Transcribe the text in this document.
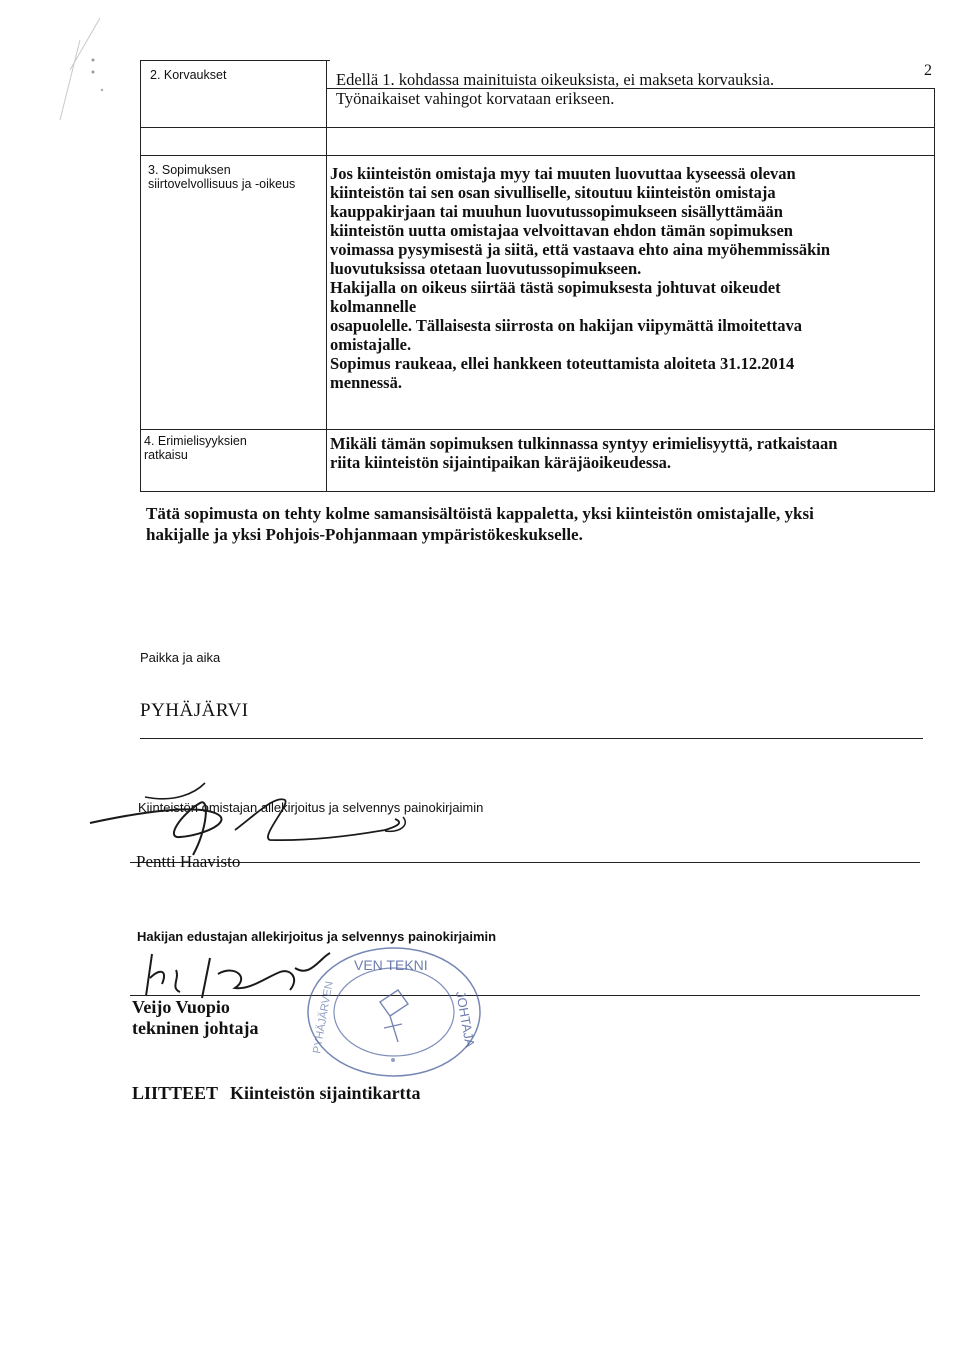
2
2. Korvaukset	Edellä 1. kohdassa mainituista oikeuksista, ei makseta korvauksia.

Työnaikaiset vahingot korvataan erikseen.

3. Sopimuksen
siirtovelvollisuus ja -oikeus

Jos kiinteistön omistaja myy tai muuten luovuttaa kyseessä olevan

kiinteistön tai sen osan sivulliselle, sitoutuu kiinteistön omistaja

kauppakirjaan tai muuhun luovutussopimukseen sisällyttämään

kiinteistön uutta omistajaa velvoittavan ehdon tämän sopimuksen

voimassa pysymisestä ja siitä, että vastaava ehto aina myöhemmissäkin

luovutuksissa otetaan luovutussopimukseen.

Hakijalla on oikeus siirtää tästä sopimuksesta johtuvat oikeudet

kolmannelle

osapuolelle. Tällaisesta siirrosta on hakijan viipymättä ilmoitettava

omistajalle.

Sopimus raukeaa, ellei hankkeen toteuttamista aloiteta 31.12.2014

mennessä.

4. Erimielisyyksien
ratkaisu

Mikäli tämän sopimuksen tulkinnassa syntyy erimielisyyttä, ratkaistaan

riita kiinteistön sijaintipaikan käräjäoikeudessa.

Tätä sopimusta on tehty kolme samansisältöistä kappaletta, yksi kiinteistön omistajalle, yksi
hakijalle ja yksi Pohjois-Pohjanmaan ympäristökeskukselle.
Paikka ja aika
PYHÄJÄRVI
Kiinteistön omistajan allekirjoitus ja selvennys painokirjaimin
Pentti Haavisto
Hakijan edustajan allekirjoitus ja selvennys painokirjaimin
VEN TEKNI
JOHTAJA
PYHÄJÄRVEN
Veijo Vuopio
tekninen johtaja
LIITTEET Kiinteistön sijaintikartta
